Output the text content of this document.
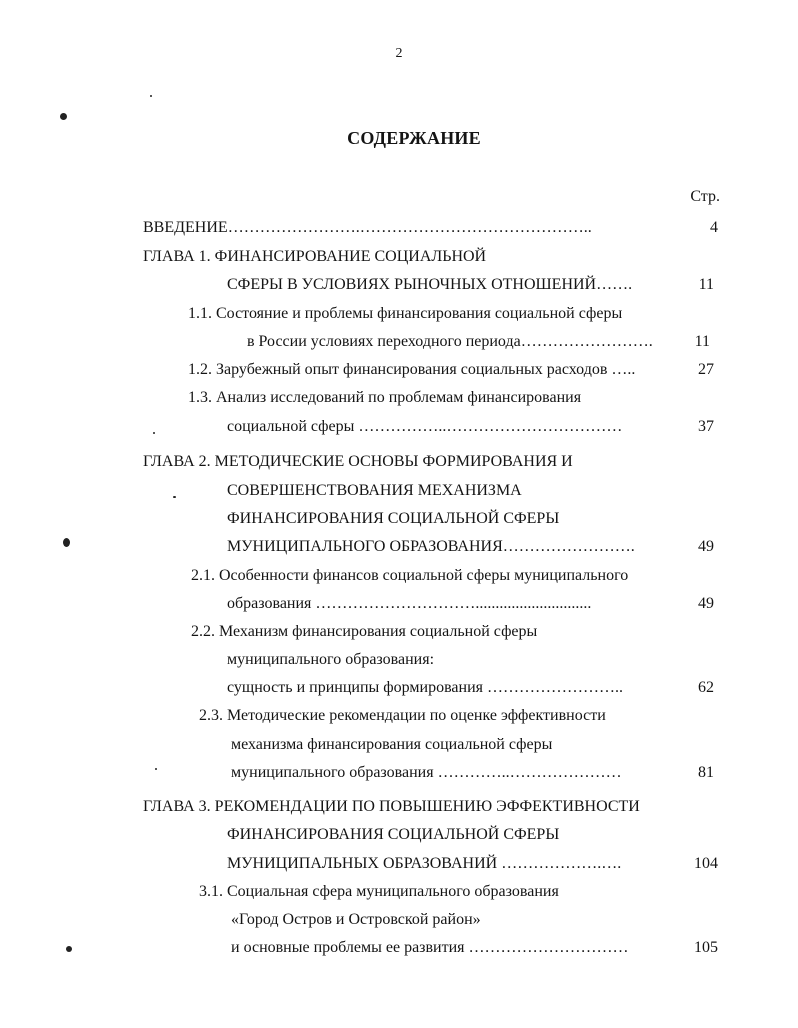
2
СОДЕРЖАНИЕ
Стр.
ВВЕДЕНИЕ…………………….……………………………………..	4
ГЛАВА 1. ФИНАНСИРОВАНИЕ СОЦИАЛЬНОЙ
СФЕРЫ В УСЛОВИЯХ РЫНОЧНЫХ ОТНОШЕНИЙ…….	11
1.1. Состояние и проблемы финансирования социальной сферы
в России условиях переходного периода…………………….	11
1.2. Зарубежный опыт финансирования социальных расходов …..	27
1.3. Анализ исследований по проблемам финансирования
социальной сферы ……………..……………………………	37
ГЛАВА 2. МЕТОДИЧЕСКИЕ ОСНОВЫ ФОРМИРОВАНИЯ И
СОВЕРШЕНСТВОВАНИЯ МЕХАНИЗМА
ФИНАНСИРОВАНИЯ СОЦИАЛЬНОЙ СФЕРЫ
МУНИЦИПАЛЬНОГО ОБРАЗОВАНИЯ…………………….	49
2.1. Особенности финансов социальной сферы муниципального
образования ………………………….............................	49
2.2. Механизм финансирования социальной сферы
муниципального образования:
сущность и принципы формирования ……………………..	62
2.3. Методические рекомендации по оценке эффективности
механизма финансирования социальной сферы
муниципального образования …………..…………………	81
ГЛАВА 3. РЕКОМЕНДАЦИИ ПО ПОВЫШЕНИЮ ЭФФЕКТИВНОСТИ
ФИНАНСИРОВАНИЯ СОЦИАЛЬНОЙ СФЕРЫ
МУНИЦИПАЛЬНЫХ ОБРАЗОВАНИЙ ……………….….	104
3.1. Социальная сфера муниципального образования
«Город Остров и Островской район»
и основные проблемы ее развития …………………………	105
